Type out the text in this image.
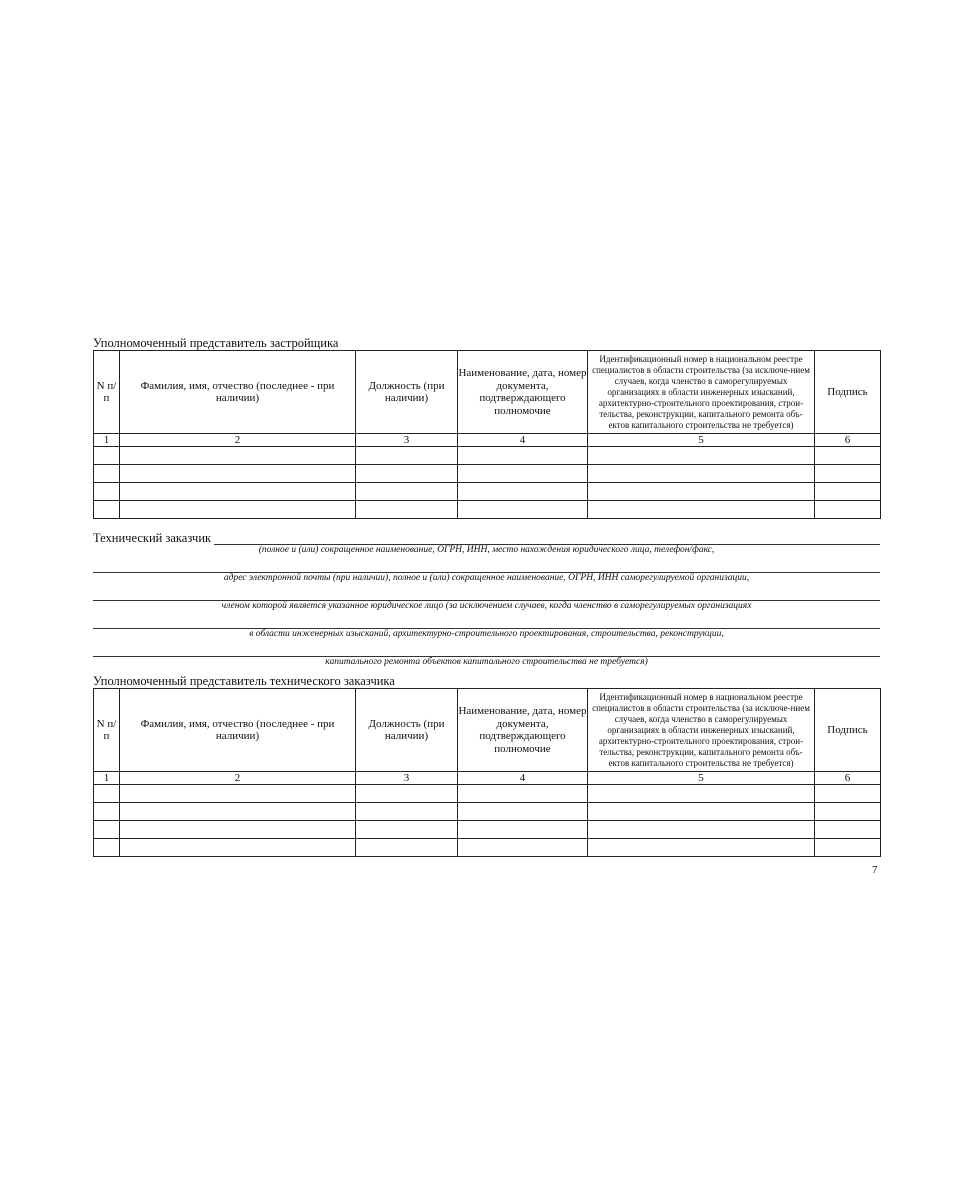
Уполномоченный представитель застройщика
N п/п	Фамилия, имя, отчество (последнее - при наличии)	Должность (при наличии)	Наименование, дата, номер документа, подтверждающего полномочие	Идентификационный номер в национальном реестре специалистов в области строительства (за исключе-нием случаев, когда членство в саморегулируемых организациях в области инженерных изысканий, архитектурно-строительного проектирования, строи-тельства, реконструкции, капитального ремонта объ-ектов капитального строительства не требуется)	Подпись
1	2	3	4	5	6

Технический заказчик
(полное и (или) сокращенное наименование, ОГРН, ИНН, место нахождения юридического лица, телефон/факс,
адрес электронной почты (при наличии), полное и (или) сокращенное наименование, ОГРН, ИНН саморегулируемой организации,
членом которой является указанное юридическое лицо (за исключением случаев, когда членство в саморегулируемых организациях
в области инженерных изысканий, архитектурно-строительного проектирования, строительства, реконструкции,
капитального ремонта объектов капитального строительства не требуется)
Уполномоченный представитель технического заказчика
N п/п	Фамилия, имя, отчество (последнее - при наличии)	Должность (при наличии)	Наименование, дата, номер документа, подтверждающего полномочие	Идентификационный номер в национальном реестре специалистов в области строительства (за исключе-нием случаев, когда членство в саморегулируемых организациях в области инженерных изысканий, архитектурно-строительного проектирования, строи-тельства, реконструкции, капитального ремонта объ-ектов капитального строительства не требуется)	Подпись
1	2	3	4	5	6

7
